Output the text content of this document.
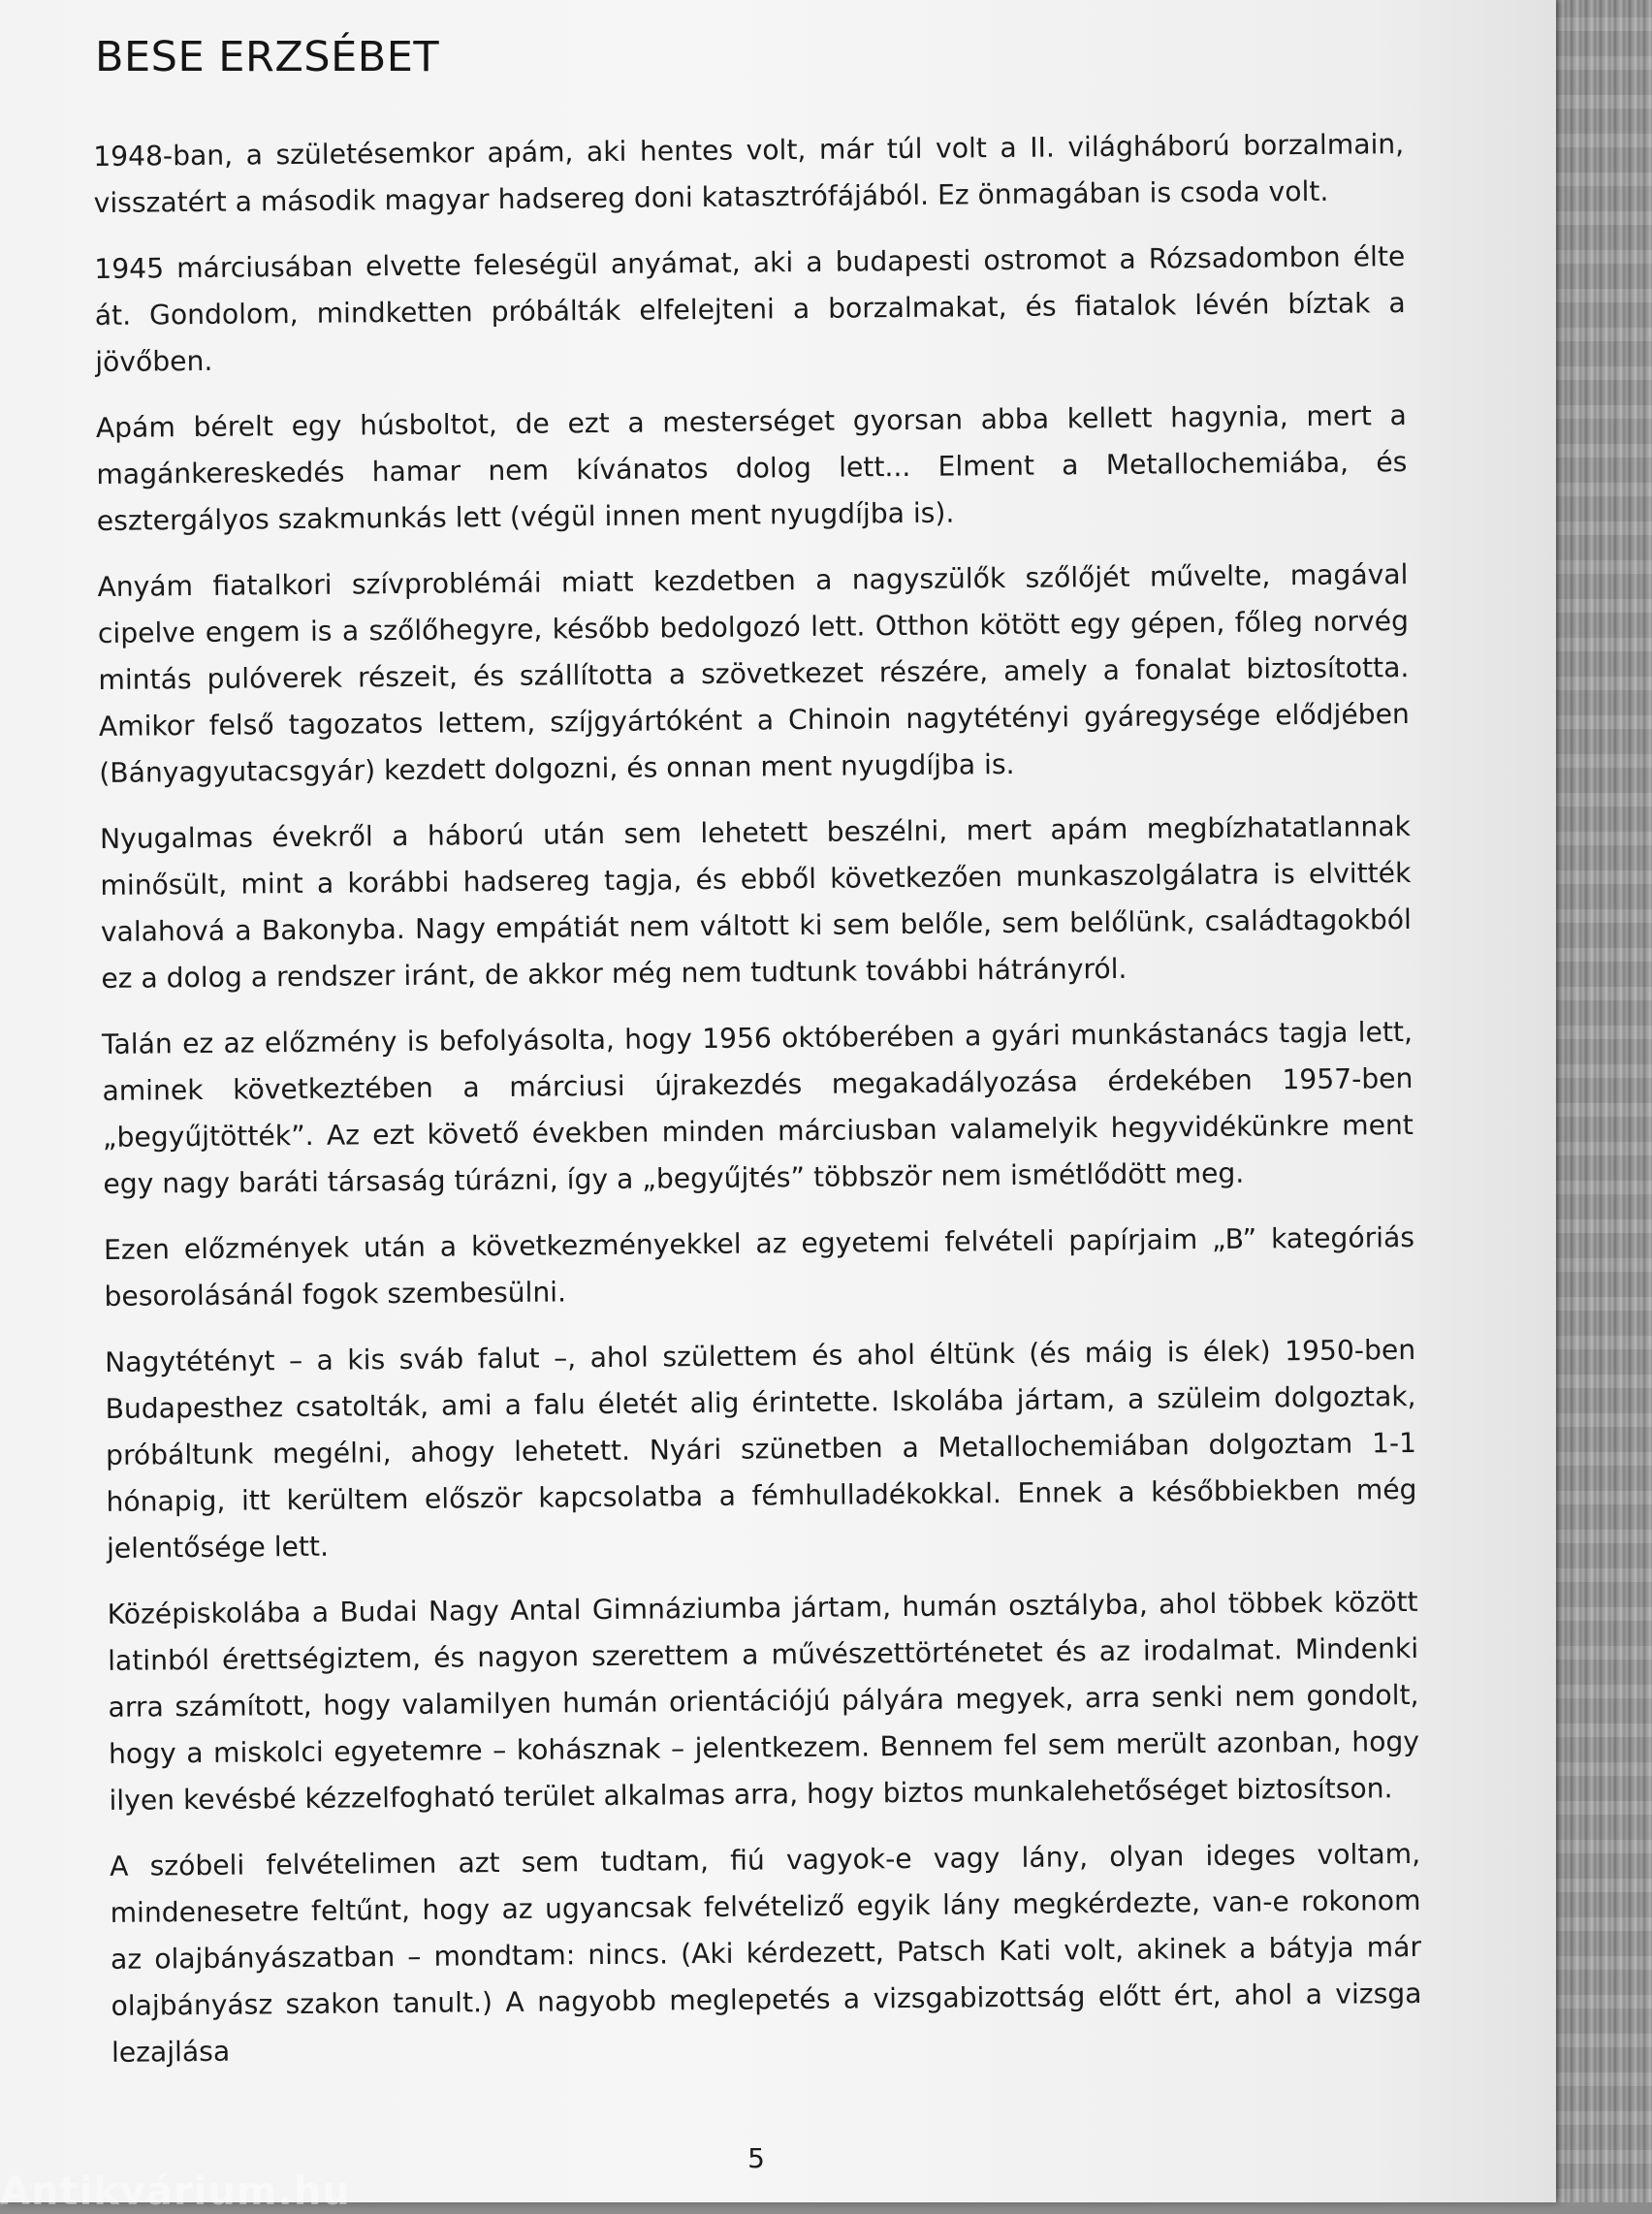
BESE ERZSÉBET

1948-ban, a születésemkor apám, aki hentes volt, már túl volt a II. világháború borzalmain, visszatért a második magyar hadsereg doni katasztrófájából. Ez önmagában is csoda volt.

1945 márciusában elvette feleségül anyámat, aki a budapesti ostromot a Rózsadombon élte át. Gondolom, mindketten próbálták elfelejteni a borzalmakat, és fiatalok lévén bíztak a jövőben.

Apám bérelt egy húsboltot, de ezt a mesterséget gyorsan abba kellett hagynia, mert a magánkereskedés hamar nem kívánatos dolog lett... Elment a Metallochemiába, és esztergályos szakmunkás lett (végül innen ment nyugdíjba is).

Anyám fiatalkori szívproblémái miatt kezdetben a nagyszülők szőlőjét művelte, magával cipelve engem is a szőlőhegyre, később bedolgozó lett. Otthon kötött egy gépen, főleg norvég mintás pulóverek részeit, és szállította a szövetkezet részére, amely a fonalat biztosította. Amikor felső tagozatos lettem, szíjgyártóként a Chinoin nagytétényi gyáregysége elődjében (Bányagyutacsgyár) kezdett dolgozni, és onnan ment nyugdíjba is.

Nyugalmas évekről a háború után sem lehetett beszélni, mert apám megbízhatatlannak minősült, mint a korábbi hadsereg tagja, és ebből következően munkaszolgálatra is elvitték valahová a Bakonyba. Nagy empátiát nem váltott ki sem belőle, sem belőlünk, családtagokból ez a dolog a rendszer iránt, de akkor még nem tudtunk további hátrányról.

Talán ez az előzmény is befolyásolta, hogy 1956 októberében a gyári munkástanács tagja lett, aminek következtében a márciusi újrakezdés megakadályozása érdekében 1957-ben „begyűjtötték”. Az ezt követő években minden márciusban valamelyik hegyvidékünkre ment egy nagy baráti társaság túrázni, így a „begyűjtés” többször nem ismétlődött meg.

Ezen előzmények után a következményekkel az egyetemi felvételi papírjaim „B” kategóriás besorolásánál fogok szembesülni.

Nagytétényt – a kis sváb falut –, ahol születtem és ahol éltünk (és máig is élek) 1950-ben Budapesthez csatolták, ami a falu életét alig érintette. Iskolába jártam, a szüleim dolgoztak, próbáltunk megélni, ahogy lehetett. Nyári szünetben a Metallochemiában dolgoztam 1-1 hónapig, itt kerültem először kapcsolatba a fémhulladékokkal. Ennek a későbbiekben még jelentősége lett.

Középiskolába a Budai Nagy Antal Gimnáziumba jártam, humán osztályba, ahol többek között latinból érettségiztem, és nagyon szerettem a művészettörténetet és az irodalmat. Mindenki arra számított, hogy valamilyen humán orientációjú pályára megyek, arra senki nem gondolt, hogy a miskolci egyetemre – kohásznak – jelentkezem. Bennem fel sem merült azonban, hogy ilyen kevésbé kézzelfogható terület alkalmas arra, hogy biztos munkalehetőséget biztosítson.

A szóbeli felvételimen azt sem tudtam, fiú vagyok-e vagy lány, olyan ideges voltam, mindenesetre feltűnt, hogy az ugyancsak felvételiző egyik lány megkérdezte, van-e rokonom az olajbányászatban – mondtam: nincs. (Aki kérdezett, Patsch Kati volt, akinek a bátyja már olajbányász szakon tanult.) A nagyobb meglepetés a vizsgabizottság előtt ért, ahol a vizsga lezajlása

5
Antikvárium.hu
